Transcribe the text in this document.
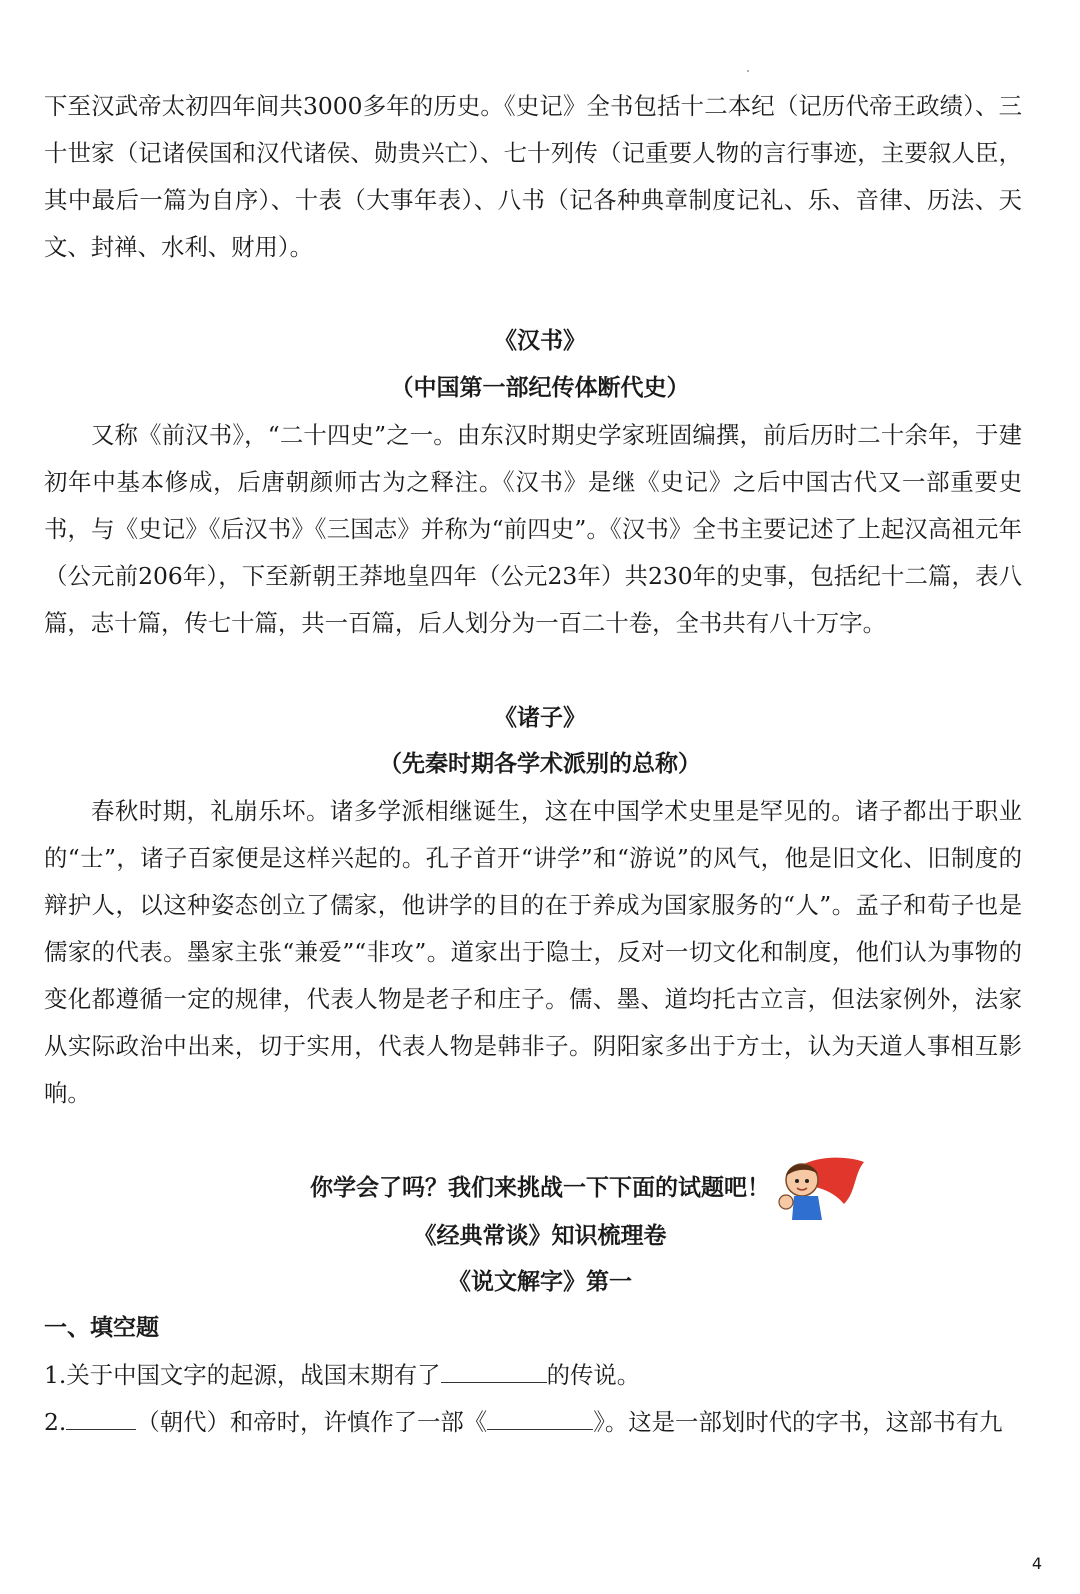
下至汉武帝太初四年间共3000多年的历史。《史记》全书包括十二本纪（记历代帝王政绩）、三十世家（记诸侯国和汉代诸侯、勋贵兴亡）、七十列传（记重要人物的言行事迹，主要叙人臣，其中最后一篇为自序）、十表（大事年表）、八书（记各种典章制度记礼、乐、音律、历法、天文、封禅、水利、财用）。

《汉书》
（中国第一部纪传体断代史）

又称《前汉书》，“二十四史”之一。由东汉时期史学家班固编撰，前后历时二十余年，于建初年中基本修成，后唐朝颜师古为之释注。《汉书》是继《史记》之后中国古代又一部重要史书，与《史记》《后汉书》《三国志》并称为“前四史”。《汉书》全书主要记述了上起汉高祖元年（公元前206年），下至新朝王莽地皇四年（公元23年）共230年的史事，包括纪十二篇，表八篇，志十篇，传七十篇，共一百篇，后人划分为一百二十卷，全书共有八十万字。

《诸子》
（先秦时期各学术派别的总称）

春秋时期，礼崩乐坏。诸多学派相继诞生，这在中国学术史里是罕见的。诸子都出于职业的“士”，诸子百家便是这样兴起的。孔子首开“讲学”和“游说”的风气，他是旧文化、旧制度的辩护人，以这种姿态创立了儒家，他讲学的目的在于养成为国家服务的“人”。孟子和荀子也是儒家的代表。墨家主张“兼爱”“非攻”。道家出于隐士，反对一切文化和制度，他们认为事物的变化都遵循一定的规律，代表人物是老子和庄子。儒、墨、道均托古立言，但法家例外，法家从实际政治中出来，切于实用，代表人物是韩非子。阴阳家多出于方士，认为天道人事相互影响。

你学会了吗？我们来挑战一下下面的试题吧！
《经典常谈》知识梳理卷
《说文解字》第一
一、填空题

1.关于中国文字的起源，战国末期有了	的传说。

2.	（朝代）和帝时，许慎作了一部《	》。这是一部划时代的字书，这部书有九

4
